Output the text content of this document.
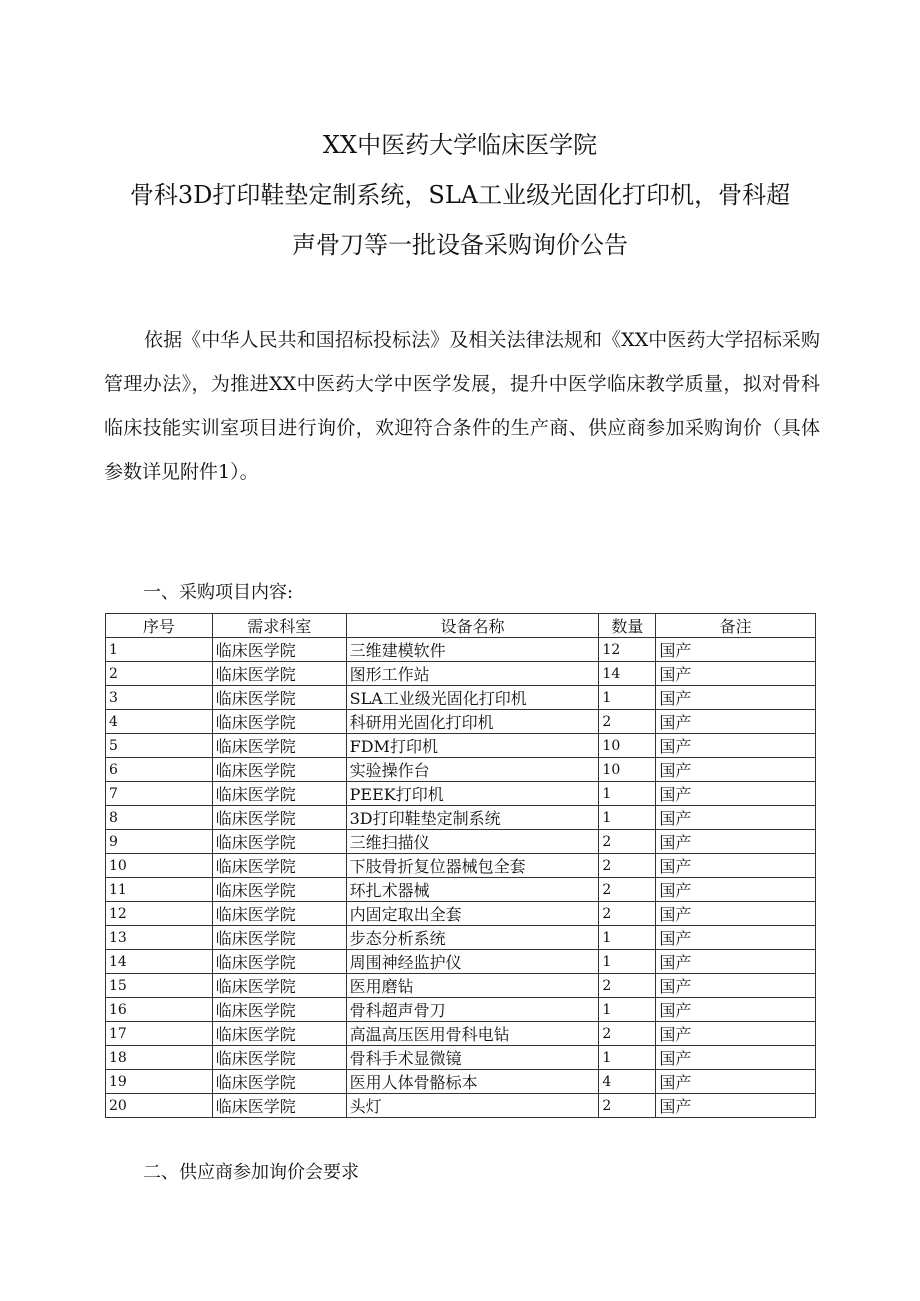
XX中医药大学临床医学院
骨科3D打印鞋垫定制系统，SLA工业级光固化打印机，骨科超
声骨刀等一批设备采购询价公告

依据《中华人民共和国招标投标法》及相关法律法规和《XX中医药大学招标采购管理办法》，为推进XX中医药大学中医学发展，提升中医学临床教学质量，拟对骨科临床技能实训室项目进行询价，欢迎符合条件的生产商、供应商参加采购询价（具体参数详见附件1）。

一、采购项目内容:

序号	需求科室	设备名称	数量	备注
1	临床医学院	三维建模软件	12	国产
2	临床医学院	图形工作站	14	国产
3	临床医学院	SLA工业级光固化打印机	1	国产
4	临床医学院	科研用光固化打印机	2	国产
5	临床医学院	FDM打印机	10	国产
6	临床医学院	实验操作台	10	国产
7	临床医学院	PEEK打印机	1	国产
8	临床医学院	3D打印鞋垫定制系统	1	国产
9	临床医学院	三维扫描仪	2	国产
10	临床医学院	下肢骨折复位器械包全套	2	国产
11	临床医学院	环扎术器械	2	国产
12	临床医学院	内固定取出全套	2	国产
13	临床医学院	步态分析系统	1	国产
14	临床医学院	周围神经监护仪	1	国产
15	临床医学院	医用磨钻	2	国产
16	临床医学院	骨科超声骨刀	1	国产
17	临床医学院	高温高压医用骨科电钻	2	国产
18	临床医学院	骨科手术显微镜	1	国产
19	临床医学院	医用人体骨骼标本	4	国产
20	临床医学院	头灯	2	国产

二、供应商参加询价会要求
